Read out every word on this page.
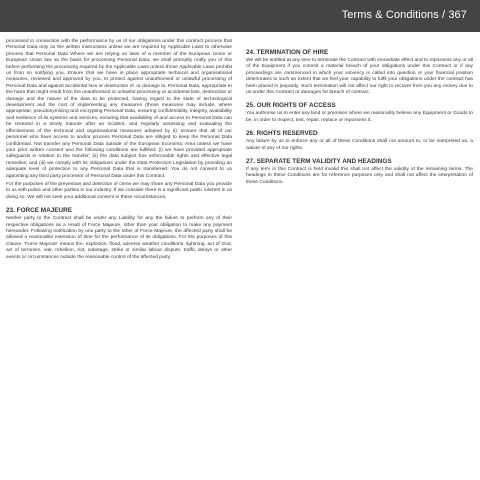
Terms & Conditions / 367

processed in connection with the performance by us of our obligations under this contract process that Personal Data only on the written instructions unless we are required by Applicable Laws to otherwise process that Personal Data Where we are relying on laws of a member of the European Union or European Union law as the basis for processing Personal Data, we shall promptly notify you of this before performing the processing required by the Applicable Laws unless those Applicable Laws prohibit us from so notifying you. Ensure that we have in place appropriate technical and organisational measures, reviewed and approved by you, to protect against unauthorised or unlawful processing of Personal Data and against accidental loss or destruction of, or damage to, Personal Data, appropriate to the harm that might result from the unauthorised or unlawful processing or accidental loss, destruction or damage and the nature of the data to be protected, having regard to the state of technological development and the cost of implementing any measures (those measures may include, where appropriate, pseudonymising and encrypting Personal Data, ensuring confidentiality, integrity, availability and resilience of its systems and services, ensuring that availability of and access to Personal Data can be restored in a timely manner after an incident, and regularly assessing and evaluating the effectiveness of the technical and organisational measures adopted by it). Ensure that all of our personnel who have access to and/or process Personal Data are obliged to keep the Personal Data confidential. Not transfer any Personal Data outside of the European Economic Area unless we have your prior written consent and the following conditions are fulfilled: (i) we have provided appropriate safeguards in relation to the transfer; (ii) the data subject has enforceable rights and effective legal remedies; and (iii) we comply with its obligations under the Data Protection Legislation by providing an adequate level of protection to any Personal Data that is transferred. You do not consent to us appointing any third party processor of Personal Data under this Contract.

For the purposes of the prevention and detection of crime we may share any Personal Data you provide to us with police and other parties in our industry. If we consider there is a significant public interest in us doing so. We will not seek your additional consent in these circumstances.

23. FORCE MAJEURE

Neither party to the Contract shall be under any Liability for any the failure to perform any of their respective obligations as a result of Force Majeure, other than your obligation to make any payment hereunder. Following notification by one party to the other of Force Majeure, the affected party shall be allowed a reasonable extension of time for the performance of its obligations. For the purposes of this Clause, 'Force Majeure' means fire, explosion, flood, adverse weather conditions, lightning, act of God, act of terrorism, war, rebellion, riot, sabotage, strike or similar labour dispute, traffic delays or other events or circumstances outside the reasonable control of the affected party.

24. TERMINATION OF HIRE

We will be entitled at any time to terminate the Contract with immediate effect and to repossess any or all of the Equipment if you commit a material breach of your obligations under this Contract or if any proceedings are commenced in which your solvency is called into question or your financial position deteriorates to such an extent that we feel your capability to fulfil your obligations under the contract has been placed in jeopardy. Such termination will not affect our right to recover from you any money due to us under this Contract or damages for breach of contract.

25. OUR RIGHTS OF ACCESS

You authorise us to enter any land or premises where we reasonably believe any Equipment or Goods to be, in order to inspect, test, repair, replace or repossess it.

26. RIGHTS RESERVED

Any failure by us to enforce any or all of these Conditions shall not amount to, or be interpreted as, a waiver of any of our rights.

27. SEPARATE TERM VALIDITY AND HEADINGS

If any term in this Contract is held invalid this shall not affect the validity of the remaining terms. The headings in these Conditions are for reference purposes only and shall not affect the interpretation of these Conditions.
